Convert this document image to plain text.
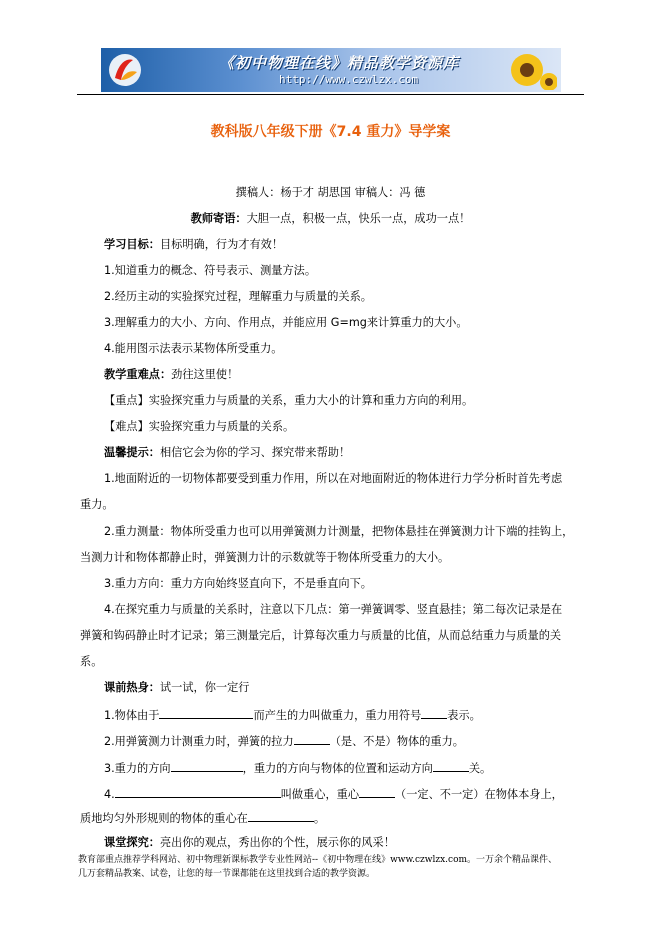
《初中物理在线》精品教学资源库
http://www.czwlzx.com
教科版八年级下册《7.4 重力》导学案
撰稿人：杨于才 胡思国 审稿人：冯 德
教师寄语：大胆一点，积极一点，快乐一点，成功一点！
学习目标：目标明确，行为才有效！
1.知道重力的概念、符号表示、测量方法。
2.经历主动的实验探究过程，理解重力与质量的关系。
3.理解重力的大小、方向、作用点，并能应用 G=mg来计算重力的大小。
4.能用图示法表示某物体所受重力。
教学重难点：劲往这里使！
【重点】实验探究重力与质量的关系，重力大小的计算和重力方向的利用。
【难点】实验探究重力与质量的关系。
温馨提示：相信它会为你的学习、探究带来帮助！
1.地面附近的一切物体都要受到重力作用，所以在对地面附近的物体进行力学分析时首先考虑
重力。
2.重力测量：物体所受重力也可以用弹簧测力计测量，把物体悬挂在弹簧测力计下端的挂钩上，
当测力计和物体都静止时，弹簧测力计的示数就等于物体所受重力的大小。
3.重力方向：重力方向始终竖直向下，不是垂直向下。
4.在探究重力与质量的关系时，注意以下几点：第一弹簧调零、竖直悬挂；第二每次记录是在
弹簧和钩码静止时才记录；第三测量完后，计算每次重力与质量的比值，从而总结重力与质量的关
系。
课前热身：试一试，你一定行
1.物体由于	而产生的力叫做重力，重力用符号 表示。
2.用弹簧测力计测重力时，弹簧的拉力	（是、不是）物体的重力。
3.重力的方向	，重力的方向与物体的位置和运动方向	关。
4.	叫做重心，重心	（一定、不一定）在物体本身上，
质地均匀外形规则的物体的重心在	。
课堂探究：亮出你的观点，秀出你的个性，展示你的风采！
教育部重点推荐学科网站、初中物理新课标教学专业性网站--《初中物理在线》www.czwlzx.com。一万余个精品课件、
几万套精品教案、试卷，让您的每一节课都能在这里找到合适的教学资源。
